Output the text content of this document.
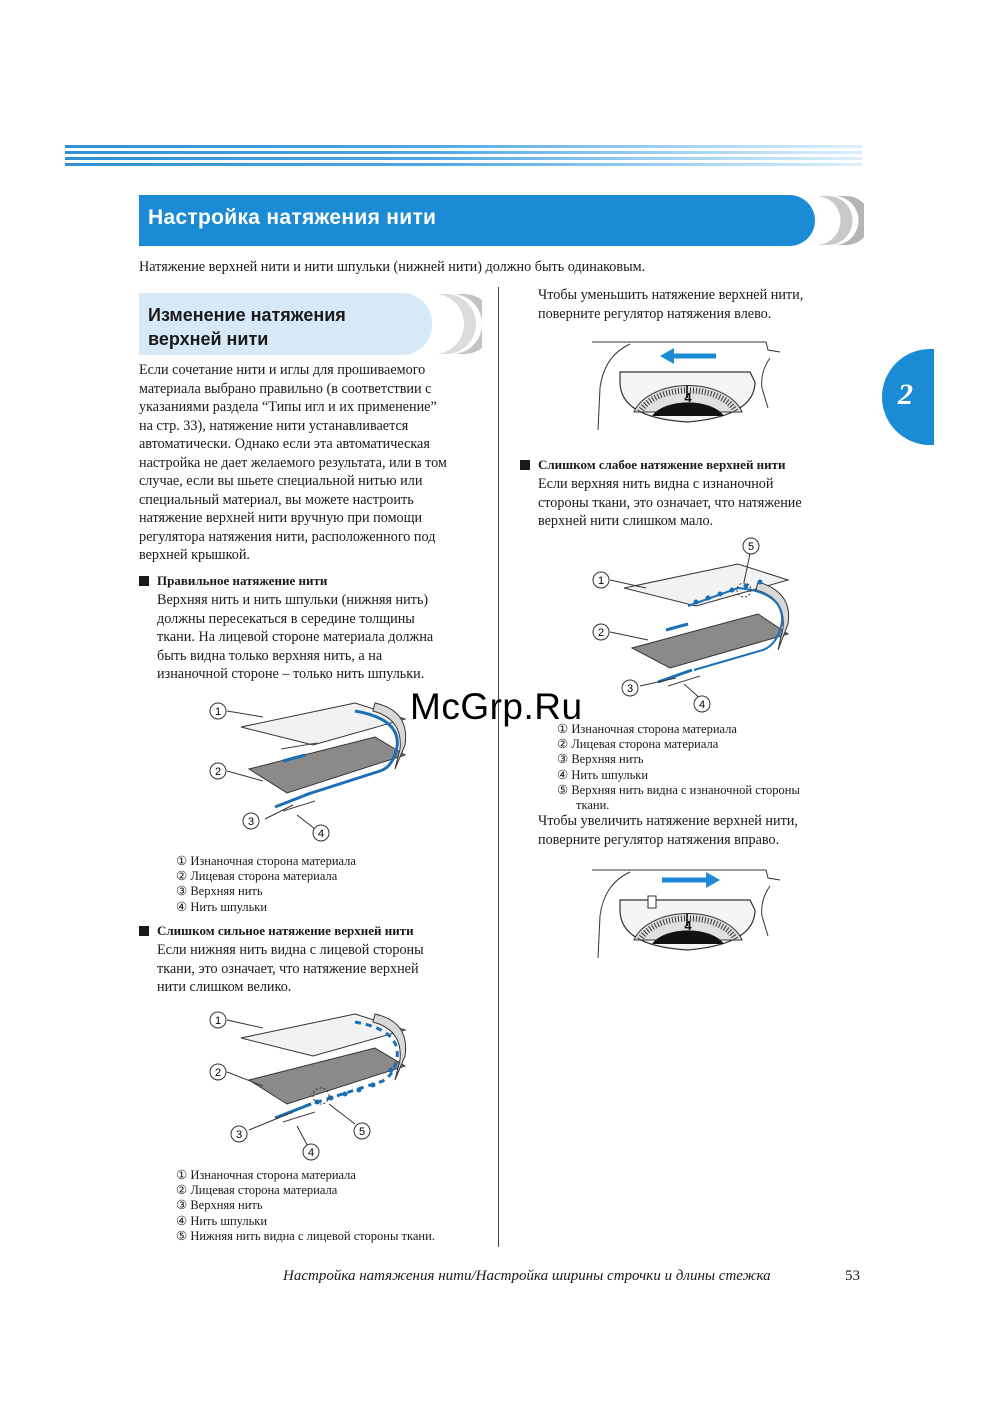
Настройка натяжения нити
Натяжение верхней нити и нити шпульки (нижней нити) должно быть одинаковым.
2
Изменение натяжения
верхней нити
Если сочетание нити и иглы для прошиваемого
материала выбрано правильно (в соответствии с
указаниями раздела “Типы игл и их применение”
на стр. 33), натяжение нити устанавливается
автоматически. Однако если эта автоматическая
настройка не дает желаемого результата, или в том
случае, если вы шьете специальной нитью или
специальный материал, вы можете настроить
натяжение верхней нити вручную при помощи
регулятора натяжения нити, расположенного под
верхней крышкой.
Правильное натяжение нити
Верхняя нить и нить шпульки (нижняя нить)
должны пересекаться в середине толщины
ткани. На лицевой стороне материала должна
быть видна только верхняя нить, а на
изнаночной стороне – только нить шпульки.
1
2
3
4
① Изнаночная сторона материала
② Лицевая сторона материала
③ Верхняя нить
④ Нить шпульки
Слишком сильное натяжение верхней нити
Если нижняя нить видна с лицевой стороны
ткани, это означает, что натяжение верхней
нити слишком велико.
1
2
3
4
5
① Изнаночная сторона материала
② Лицевая сторона материала
③ Верхняя нить
④ Нить шпульки
⑤ Нижняя нить видна с лицевой стороны ткани.
Чтобы уменьшить натяжение верхней нити,
поверните регулятор натяжения влево.
4
Слишком слабое натяжение верхней нити
Если верхняя нить видна с изнаночной
стороны ткани, это означает, что натяжение
верхней нити слишком мало.
1
2
3
4
5
① Изнаночная сторона материала
② Лицевая сторона материала
③ Верхняя нить
④ Нить шпульки
⑤ Верхняя нить видна с изнаночной стороны
ткани.
Чтобы увеличить натяжение верхней нити,
поверните регулятор натяжения вправо.
4
McGrp.Ru
Настройка натяжения нити/Настройка ширины строчки и длины стежка	53
